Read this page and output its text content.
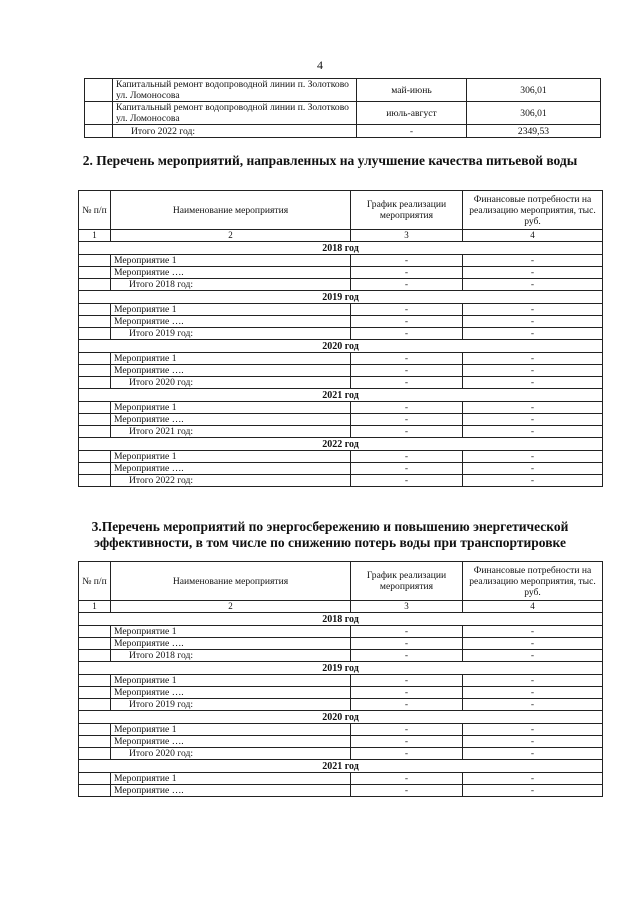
4
	Капитальный ремонт водопроводной линии п. Золотково ул. Ломоносова	май-июнь	306,01
	Капитальный ремонт водопроводной линии п. Золотково ул. Ломоносова	июль-август	306,01
	Итого 2022 год:	-	2349,53
2. Перечень мероприятий, направленных на улучшение качества питьевой воды
№ п/п	Наименование мероприятия	График реализации мероприятия	Финансовые потребности на реализацию мероприятия, тыс. руб.
1	2	3	4
2018 год			
	Мероприятие 1	-	-
	Мероприятие ….	-	-
	Итого 2018 год:	-	-
2019 год			
	Мероприятие 1	-	-
	Мероприятие ….	-	-
	Итого 2019 год:	-	-
2020 год			
	Мероприятие 1	-	-
	Мероприятие ….	-	-
	Итого 2020 год:	-	-
2021 год			
	Мероприятие 1	-	-
	Мероприятие ….	-	-
	Итого 2021 год:	-	-
2022 год			
	Мероприятие 1	-	-
	Мероприятие ….	-	-
	Итого 2022 год:	-	-
3.Перечень мероприятий по энергосбережению и повышению энергетической эффективности, в том числе по снижению потерь воды при транспортировке
№ п/п	Наименование мероприятия	График реализации мероприятия	Финансовые потребности на реализацию мероприятия, тыс. руб.
1	2	3	4
2018 год			
	Мероприятие 1	-	-
	Мероприятие ….	-	-
	Итого 2018 год:	-	-
2019 год			
	Мероприятие 1	-	-
	Мероприятие ….	-	-
	Итого 2019 год:	-	-
2020 год			
	Мероприятие 1	-	-
	Мероприятие ….	-	-
	Итого 2020 год:	-	-
2021 год			
	Мероприятие 1	-	-
	Мероприятие ….	-	-
